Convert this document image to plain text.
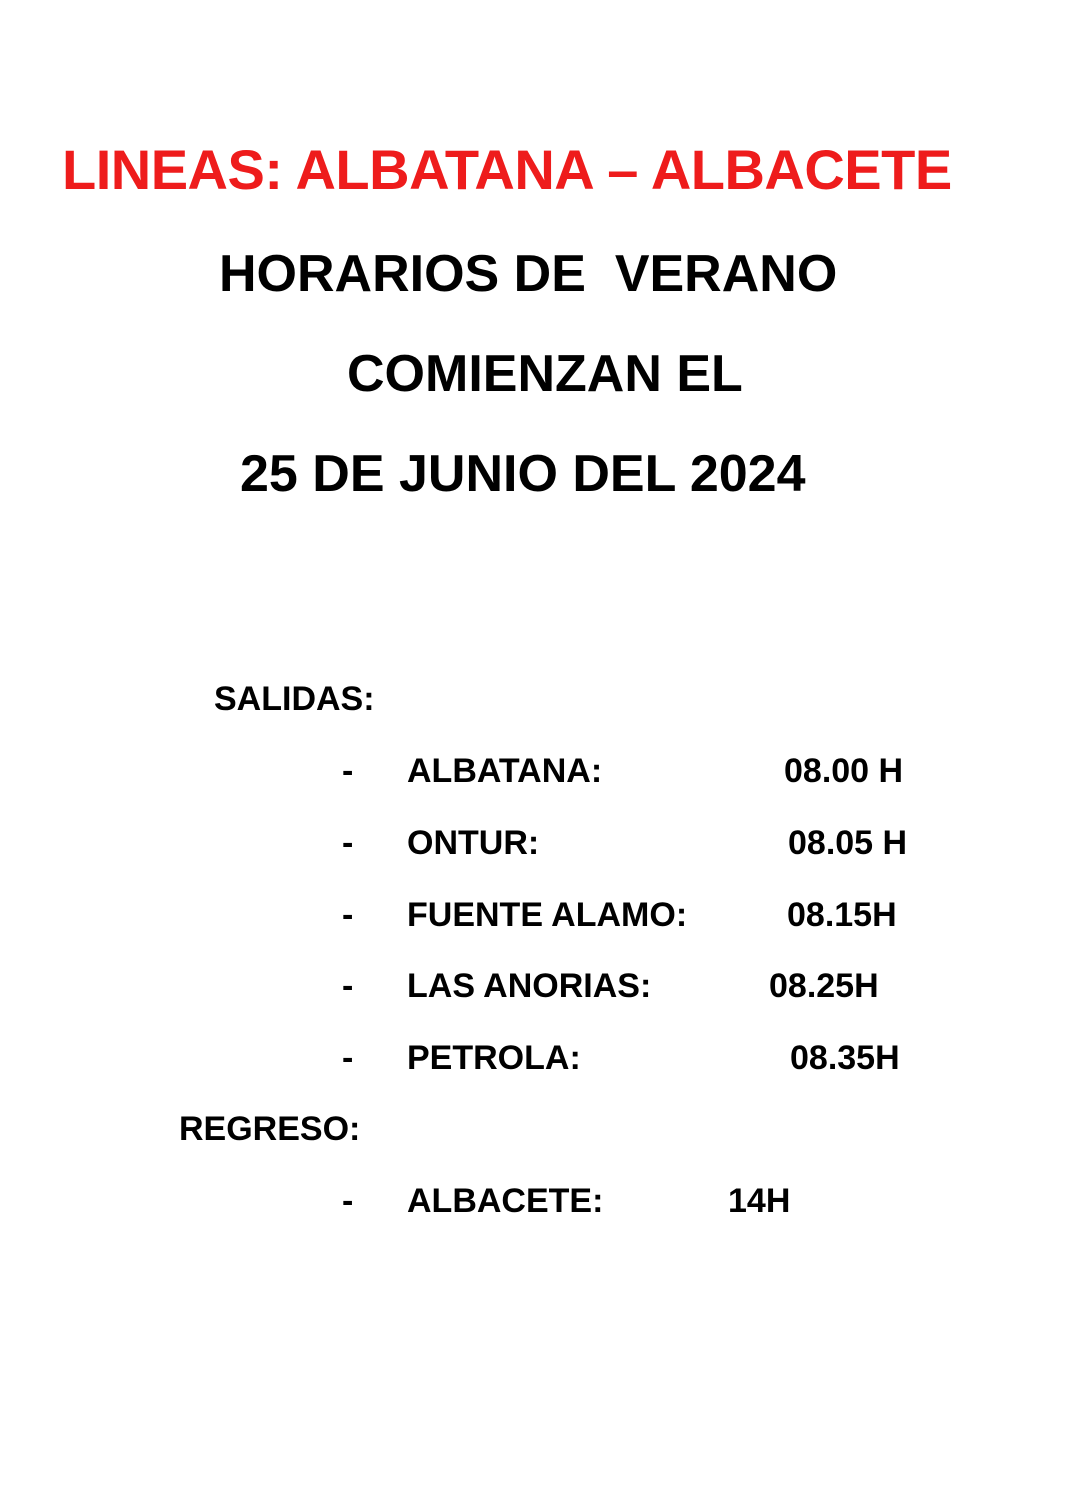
LINEAS: ALBATANA – ALBACETE
HORARIOS DE  VERANO
COMIENZAN EL
25 DE JUNIO DEL 2024
SALIDAS:
- ALBATANA:	08.00 H
- ONTUR:	08.05 H
- FUENTE ALAMO:	08.15H
- LAS ANORIAS:	08.25H
- PETROLA:	08.35H
REGRESO:
- ALBACETE:	14H
